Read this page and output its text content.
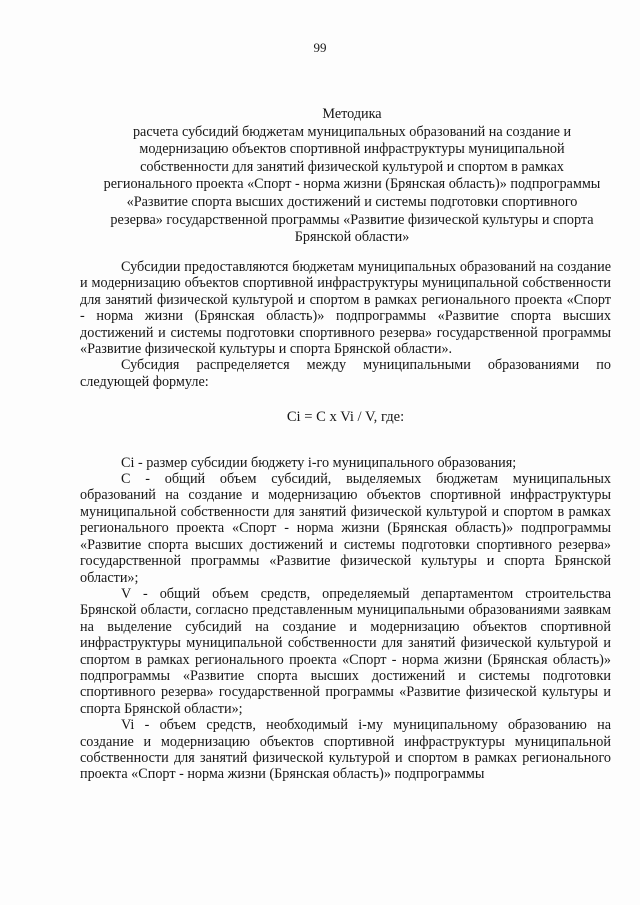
99

Методика

расчета субсидий бюджетам муниципальных образований на создание и модернизацию объектов спортивной инфраструктуры муниципальной собственности для занятий физической культурой и спортом в рамках регионального проекта «Спорт - норма жизни (Брянская область)» подпрограммы «Развитие спорта высших достижений и системы подготовки спортивного резерва» государственной программы «Развитие физической культуры и спорта Брянской области»

Субсидии предоставляются бюджетам муниципальных образований на создание и модернизацию объектов спортивной инфраструктуры муниципальной собственности для занятий физической культурой и спортом в рамках регионального проекта «Спорт - норма жизни (Брянская область)» подпрограммы «Развитие спорта высших достижений и системы подготовки спортивного резерва» государственной программы «Развитие физической культуры и спорта Брянской области».

Субсидия распределяется между муниципальными образованиями по следующей формуле:

Ci = C x Vi / V, где:

Ci - размер субсидии бюджету i-го муниципального образования;

С - общий объем субсидий, выделяемых бюджетам муниципальных образований на создание и модернизацию объектов спортивной инфраструктуры муниципальной собственности для занятий физической культурой и спортом в рамках регионального проекта «Спорт - норма жизни (Брянская область)» подпрограммы «Развитие спорта высших достижений и системы подготовки спортивного резерва» государственной программы «Развитие физической культуры и спорта Брянской области»;

V - общий объем средств, определяемый департаментом строительства Брянской области, согласно представленным муниципальными образованиями заявкам на выделение субсидий на создание и модернизацию объектов спортивной инфраструктуры муниципальной собственности для занятий физической культурой и спортом в рамках регионального проекта «Спорт - норма жизни (Брянская область)» подпрограммы «Развитие спорта высших достижений и системы подготовки спортивного резерва» государственной программы «Развитие физической культуры и спорта Брянской области»;

Vi - объем средств, необходимый i-му муниципальному образованию на создание и модернизацию объектов спортивной инфраструктуры муниципальной собственности для занятий физической культурой и спортом в рамках регионального проекта «Спорт - норма жизни (Брянская область)» подпрограммы
